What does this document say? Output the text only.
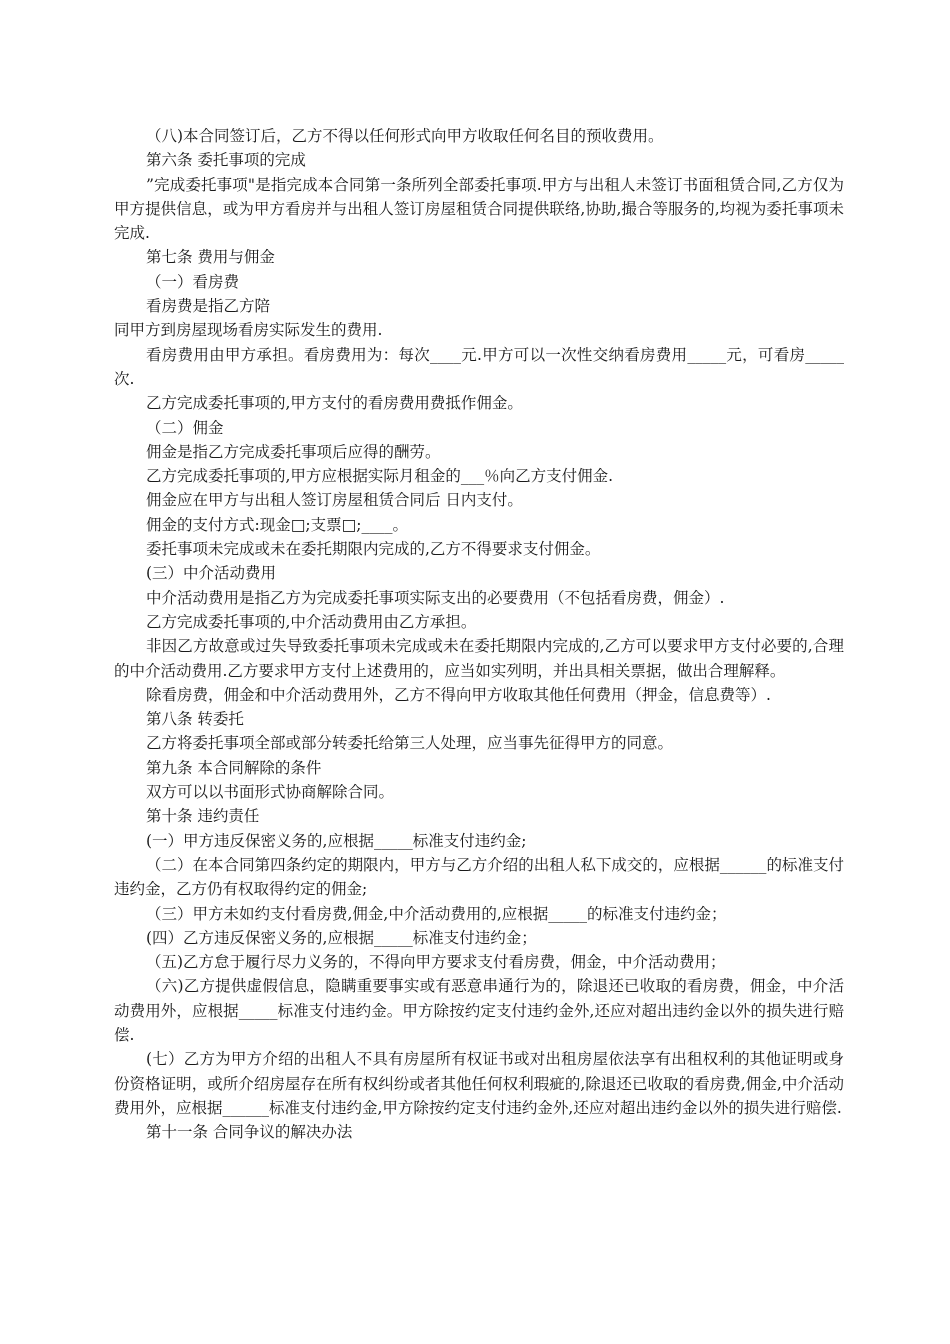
（八)本合同签订后，乙方不得以任何形式向甲方收取任何名目的预收费用。

第六条 委托事项的完成

”完成委托事项"是指完成本合同第一条所列全部委托事项.甲方与出租人未签订书面租赁合同,乙方仅为甲方提供信息，或为甲方看房并与出租人签订房屋租赁合同提供联络,协助,撮合等服务的,均视为委托事项未完成.

第七条 费用与佣金

（一）看房费

看房费是指乙方陪

同甲方到房屋现场看房实际发生的费用.

看房费用由甲方承担。看房费用为：每次____元.甲方可以一次性交纳看房费用_____元，可看房_____次.

乙方完成委托事项的,甲方支付的看房费用费抵作佣金。

（二）佣金

佣金是指乙方完成委托事项后应得的酬劳。

乙方完成委托事项的,甲方应根据实际月租金的___％向乙方支付佣金.

佣金应在甲方与出租人签订房屋租赁合同后 日内支付。

佣金的支付方式:现金□;支票□;____。

委托事项未完成或未在委托期限内完成的,乙方不得要求支付佣金。

(三）中介活动费用

中介活动费用是指乙方为完成委托事项实际支出的必要费用（不包括看房费，佣金）.

乙方完成委托事项的,中介活动费用由乙方承担。

非因乙方故意或过失导致委托事项未完成或未在委托期限内完成的,乙方可以要求甲方支付必要的,合理的中介活动费用.乙方要求甲方支付上述费用的，应当如实列明，并出具相关票据，做出合理解释。

除看房费，佣金和中介活动费用外，乙方不得向甲方收取其他任何费用（押金，信息费等）.

第八条 转委托

乙方将委托事项全部或部分转委托给第三人处理，应当事先征得甲方的同意。

第九条 本合同解除的条件

双方可以以书面形式协商解除合同。

第十条 违约责任

(一）甲方违反保密义务的,应根据_____标准支付违约金;

（二）在本合同第四条约定的期限内，甲方与乙方介绍的出租人私下成交的，应根据______的标准支付违约金，乙方仍有权取得约定的佣金;

（三）甲方未如约支付看房费,佣金,中介活动费用的,应根据_____的标准支付违约金；

(四）乙方违反保密义务的,应根据_____标准支付违约金；

（五)乙方怠于履行尽力义务的，不得向甲方要求支付看房费，佣金，中介活动费用；

（六)乙方提供虚假信息，隐瞒重要事实或有恶意串通行为的，除退还已收取的看房费，佣金，中介活动费用外，应根据_____标准支付违约金。甲方除按约定支付违约金外,还应对超出违约金以外的损失进行赔偿.

(七）乙方为甲方介绍的出租人不具有房屋所有权证书或对出租房屋依法享有出租权利的其他证明或身份资格证明，或所介绍房屋存在所有权纠纷或者其他任何权利瑕疵的,除退还已收取的看房费,佣金,中介活动费用外，应根据______标准支付违约金,甲方除按约定支付违约金外,还应对超出违约金以外的损失进行赔偿.

第十一条 合同争议的解决办法
